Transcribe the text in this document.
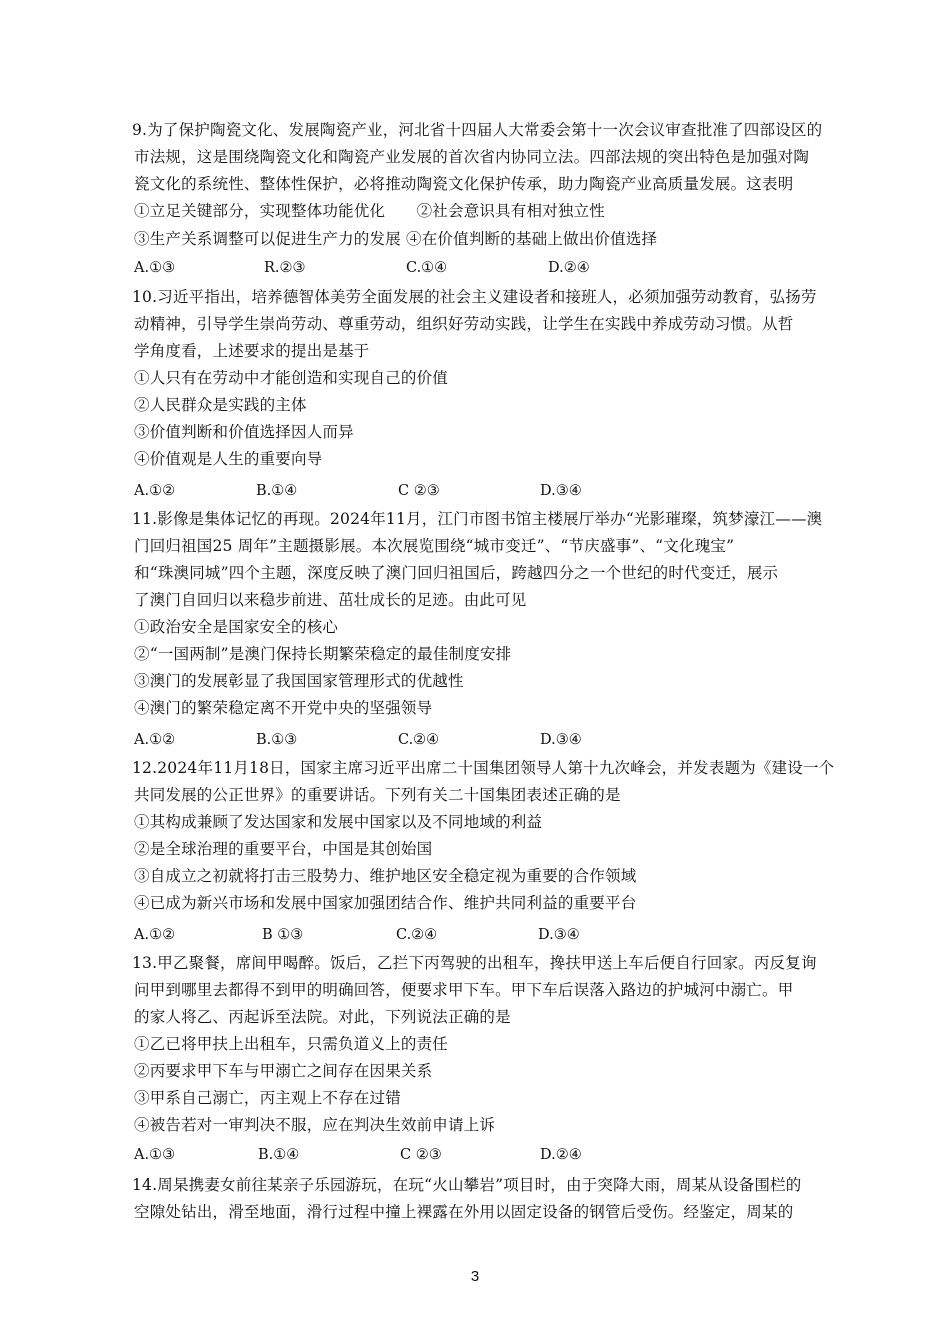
9.为了保护陶瓷文化、发展陶瓷产业，河北省十四届人大常委会第十一次会议审查批准了四部设区的
市法规，这是围绕陶瓷文化和陶瓷产业发展的首次省内协同立法。四部法规的突出特色是加强对陶
瓷文化的系统性、整体性保护，必将推动陶瓷文化保护传承，助力陶瓷产业高质量发展。这表明
①立足关键部分，实现整体功能优化　　②社会意识具有相对独立性
③生产关系调整可以促进生产力的发展 ④在价值判断的基础上做出价值选择
A.①③	R.②③	C.①④	D.②④
10.习近平指出，培养德智体美劳全面发展的社会主义建设者和接班人，必须加强劳动教育，弘扬劳
动精神，引导学生崇尚劳动、尊重劳动，组织好劳动实践，让学生在实践中养成劳动习惯。从哲
学角度看，上述要求的提出是基于
①人只有在劳动中才能创造和实现自己的价值
②人民群众是实践的主体
③价值判断和价值选择因人而异
④价值观是人生的重要向导
A.①②	B.①④	C ②③	D.③④
11.影像是集体记忆的再现。2024年11月，江门市图书馆主楼展厅举办“光影璀璨，筑梦濠江——澳
门回归祖国25 周年”主题摄影展。本次展览围绕“城市变迁”、“节庆盛事”、“文化瑰宝”
和“珠澳同城”四个主题，深度反映了澳门回归祖国后，跨越四分之一个世纪的时代变迁，展示
了澳门自回归以来稳步前进、茁壮成长的足迹。由此可见
①政治安全是国家安全的核心
②“一国两制”是澳门保持长期繁荣稳定的最佳制度安排
③澳门的发展彰显了我国国家管理形式的优越性
④澳门的繁荣稳定离不开党中央的坚强领导
A.①②	B.①③	C.②④	D.③④
12.2024年11月18日，国家主席习近平出席二十国集团领导人第十九次峰会，并发表题为《建设一个
共同发展的公正世界》的重要讲话。下列有关二十国集团表述正确的是
①其构成兼顾了发达国家和发展中国家以及不同地域的利益
②是全球治理的重要平台，中国是其创始国
③自成立之初就将打击三股势力、维护地区安全稳定视为重要的合作领域
④已成为新兴市场和发展中国家加强团结合作、维护共同利益的重要平台
A.①②	B ①③	C.②④	D.③④
13.甲乙聚餐，席间甲喝醉。饭后，乙拦下丙驾驶的出租车，搀扶甲送上车后便自行回家。丙反复询
问甲到哪里去都得不到甲的明确回答，便要求甲下车。甲下车后误落入路边的护城河中溺亡。甲
的家人将乙、丙起诉至法院。对此，下列说法正确的是
①乙已将甲扶上出租车，只需负道义上的责任
②丙要求甲下车与甲溺亡之间存在因果关系
③甲系自己溺亡，丙主观上不存在过错
④被告若对一审判决不服，应在判决生效前申请上诉
A.①③	B.①④	C ②③	D.②④
14.周杲携妻女前往某亲子乐园游玩，在玩“火山攀岩”项目时，由于突降大雨，周某从设备围栏的
空隙处钻出，滑至地面，滑行过程中撞上裸露在外用以固定设备的钢管后受伤。经鉴定，周某的
3
